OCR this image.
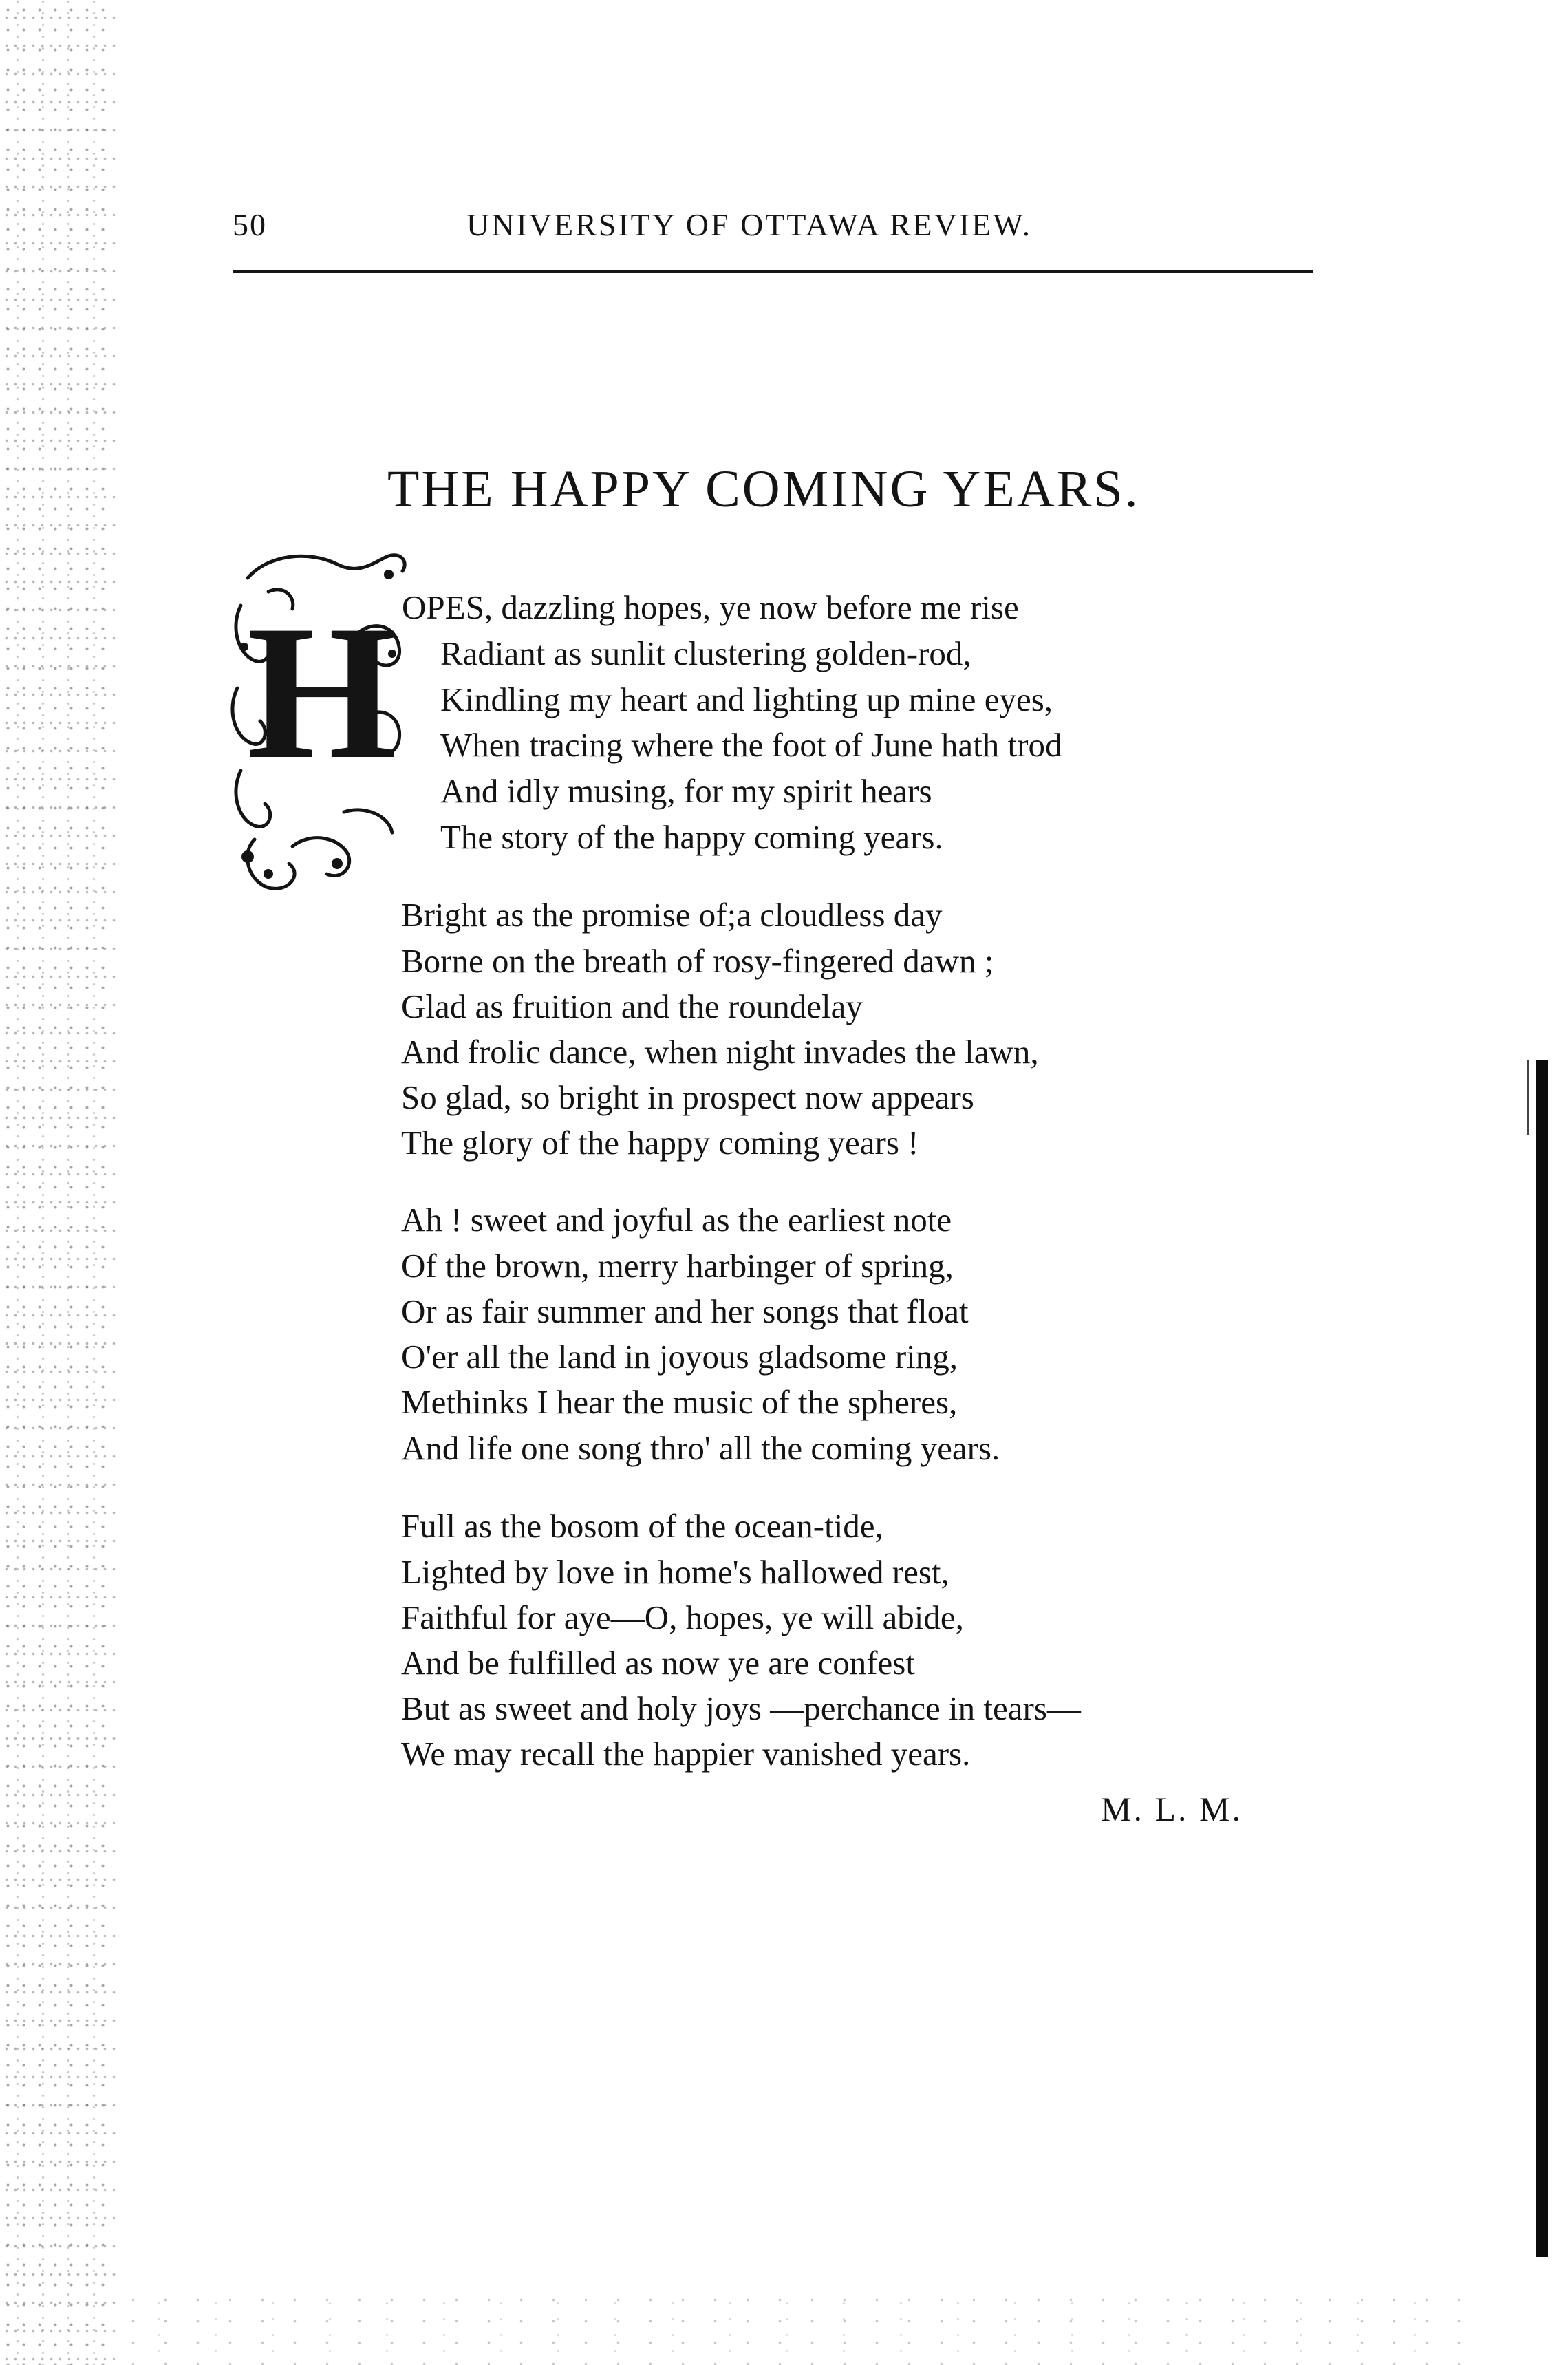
50	UNIVERSITY OF OTTAWA REVIEW.
THE HAPPY COMING YEARS.
H OPES, dazzling hopes, ye now before me rise
Radiant as sunlit clustering golden-rod,
Kindling my heart and lighting up mine eyes,
When tracing where the foot of June hath trod
And idly musing, for my spirit hears
The story of the happy coming years.
Bright as the promise of;a cloudless day
Borne on the breath of rosy-fingered dawn ;
Glad as fruition and the roundelay
And frolic dance, when night invades the lawn,
So glad, so bright in prospect now appears
The glory of the happy coming years !
Ah ! sweet and joyful as the earliest note
Of the brown, merry harbinger of spring,
Or as fair summer and her songs that float
O'er all the land in joyous gladsome ring,
Methinks I hear the music of the spheres,
And life one song thro' all the coming years.
Full as the bosom of the ocean-tide,
Lighted by love in home's hallowed rest,
Faithful for aye—O, hopes, ye will abide,
And be fulfilled as now ye are confest
But as sweet and holy joys —perchance in tears—
We may recall the happier vanished years.
M. L. M.
